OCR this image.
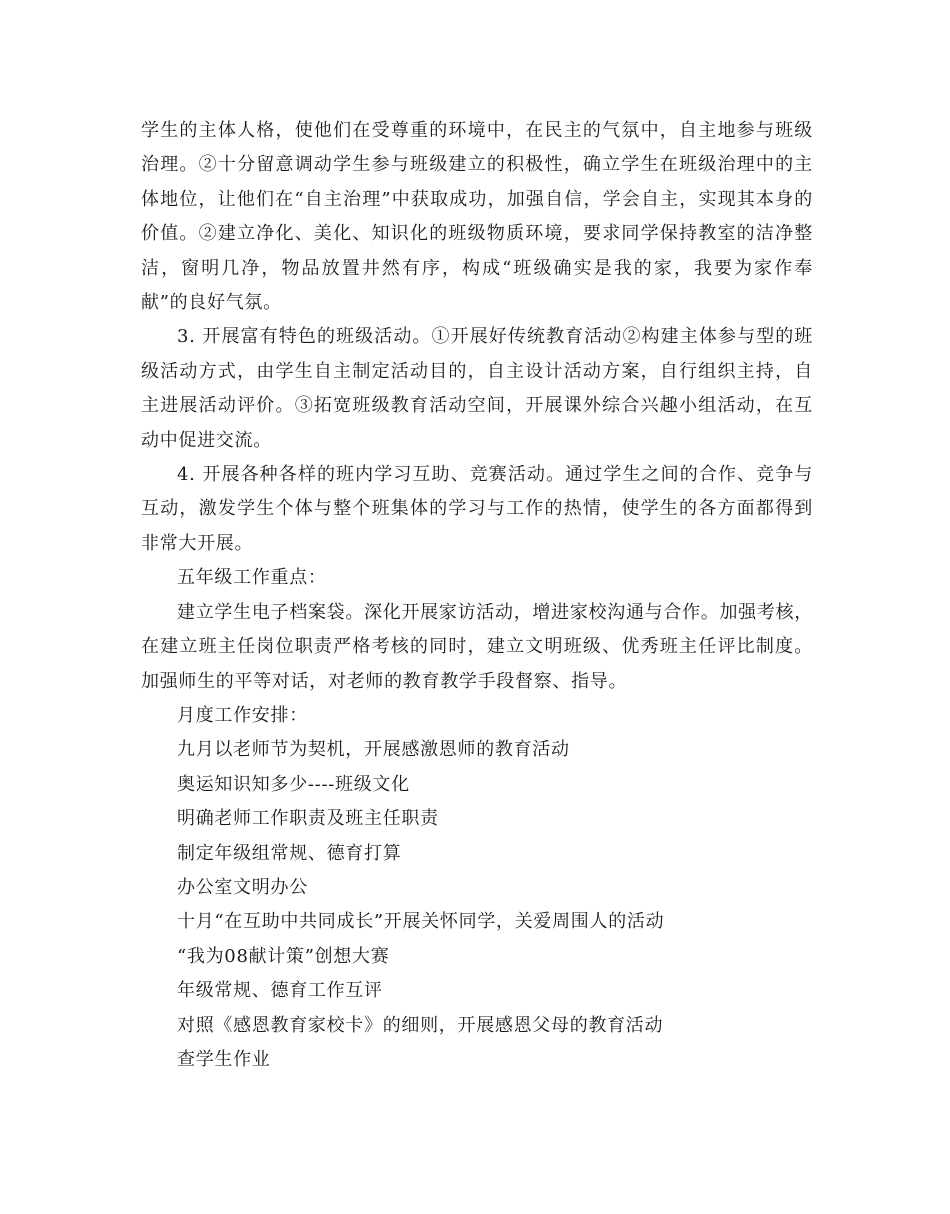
学生的主体人格，使他们在受尊重的环境中，在民主的气氛中，自主地参与班级治理。②十分留意调动学生参与班级建立的积极性，确立学生在班级治理中的主体地位，让他们在“自主治理”中获取成功，加强自信，学会自主，实现其本身的价值。②建立净化、美化、知识化的班级物质环境，要求同学保持教室的洁净整洁，窗明几净，物品放置井然有序，构成“班级确实是我的家，我要为家作奉献”的良好气氛。

3. 开展富有特色的班级活动。①开展好传统教育活动②构建主体参与型的班级活动方式，由学生自主制定活动目的，自主设计活动方案，自行组织主持，自主进展活动评价。③拓宽班级教育活动空间，开展课外综合兴趣小组活动，在互动中促进交流。

4. 开展各种各样的班内学习互助、竞赛活动。通过学生之间的合作、竞争与互动，激发学生个体与整个班集体的学习与工作的热情，使学生的各方面都得到非常大开展。

五年级工作重点：

建立学生电子档案袋。深化开展家访活动，增进家校沟通与合作。加强考核，在建立班主任岗位职责严格考核的同时，建立文明班级、优秀班主任评比制度。加强师生的平等对话，对老师的教育教学手段督察、指导。

月度工作安排：

九月以老师节为契机，开展感激恩师的教育活动

奥运知识知多少----班级文化

明确老师工作职责及班主任职责

制定年级组常规、德育打算

办公室文明办公

十月“在互助中共同成长”开展关怀同学，关爱周围人的活动

“我为08献计策”创想大赛

年级常规、德育工作互评

对照《感恩教育家校卡》的细则，开展感恩父母的教育活动

查学生作业
